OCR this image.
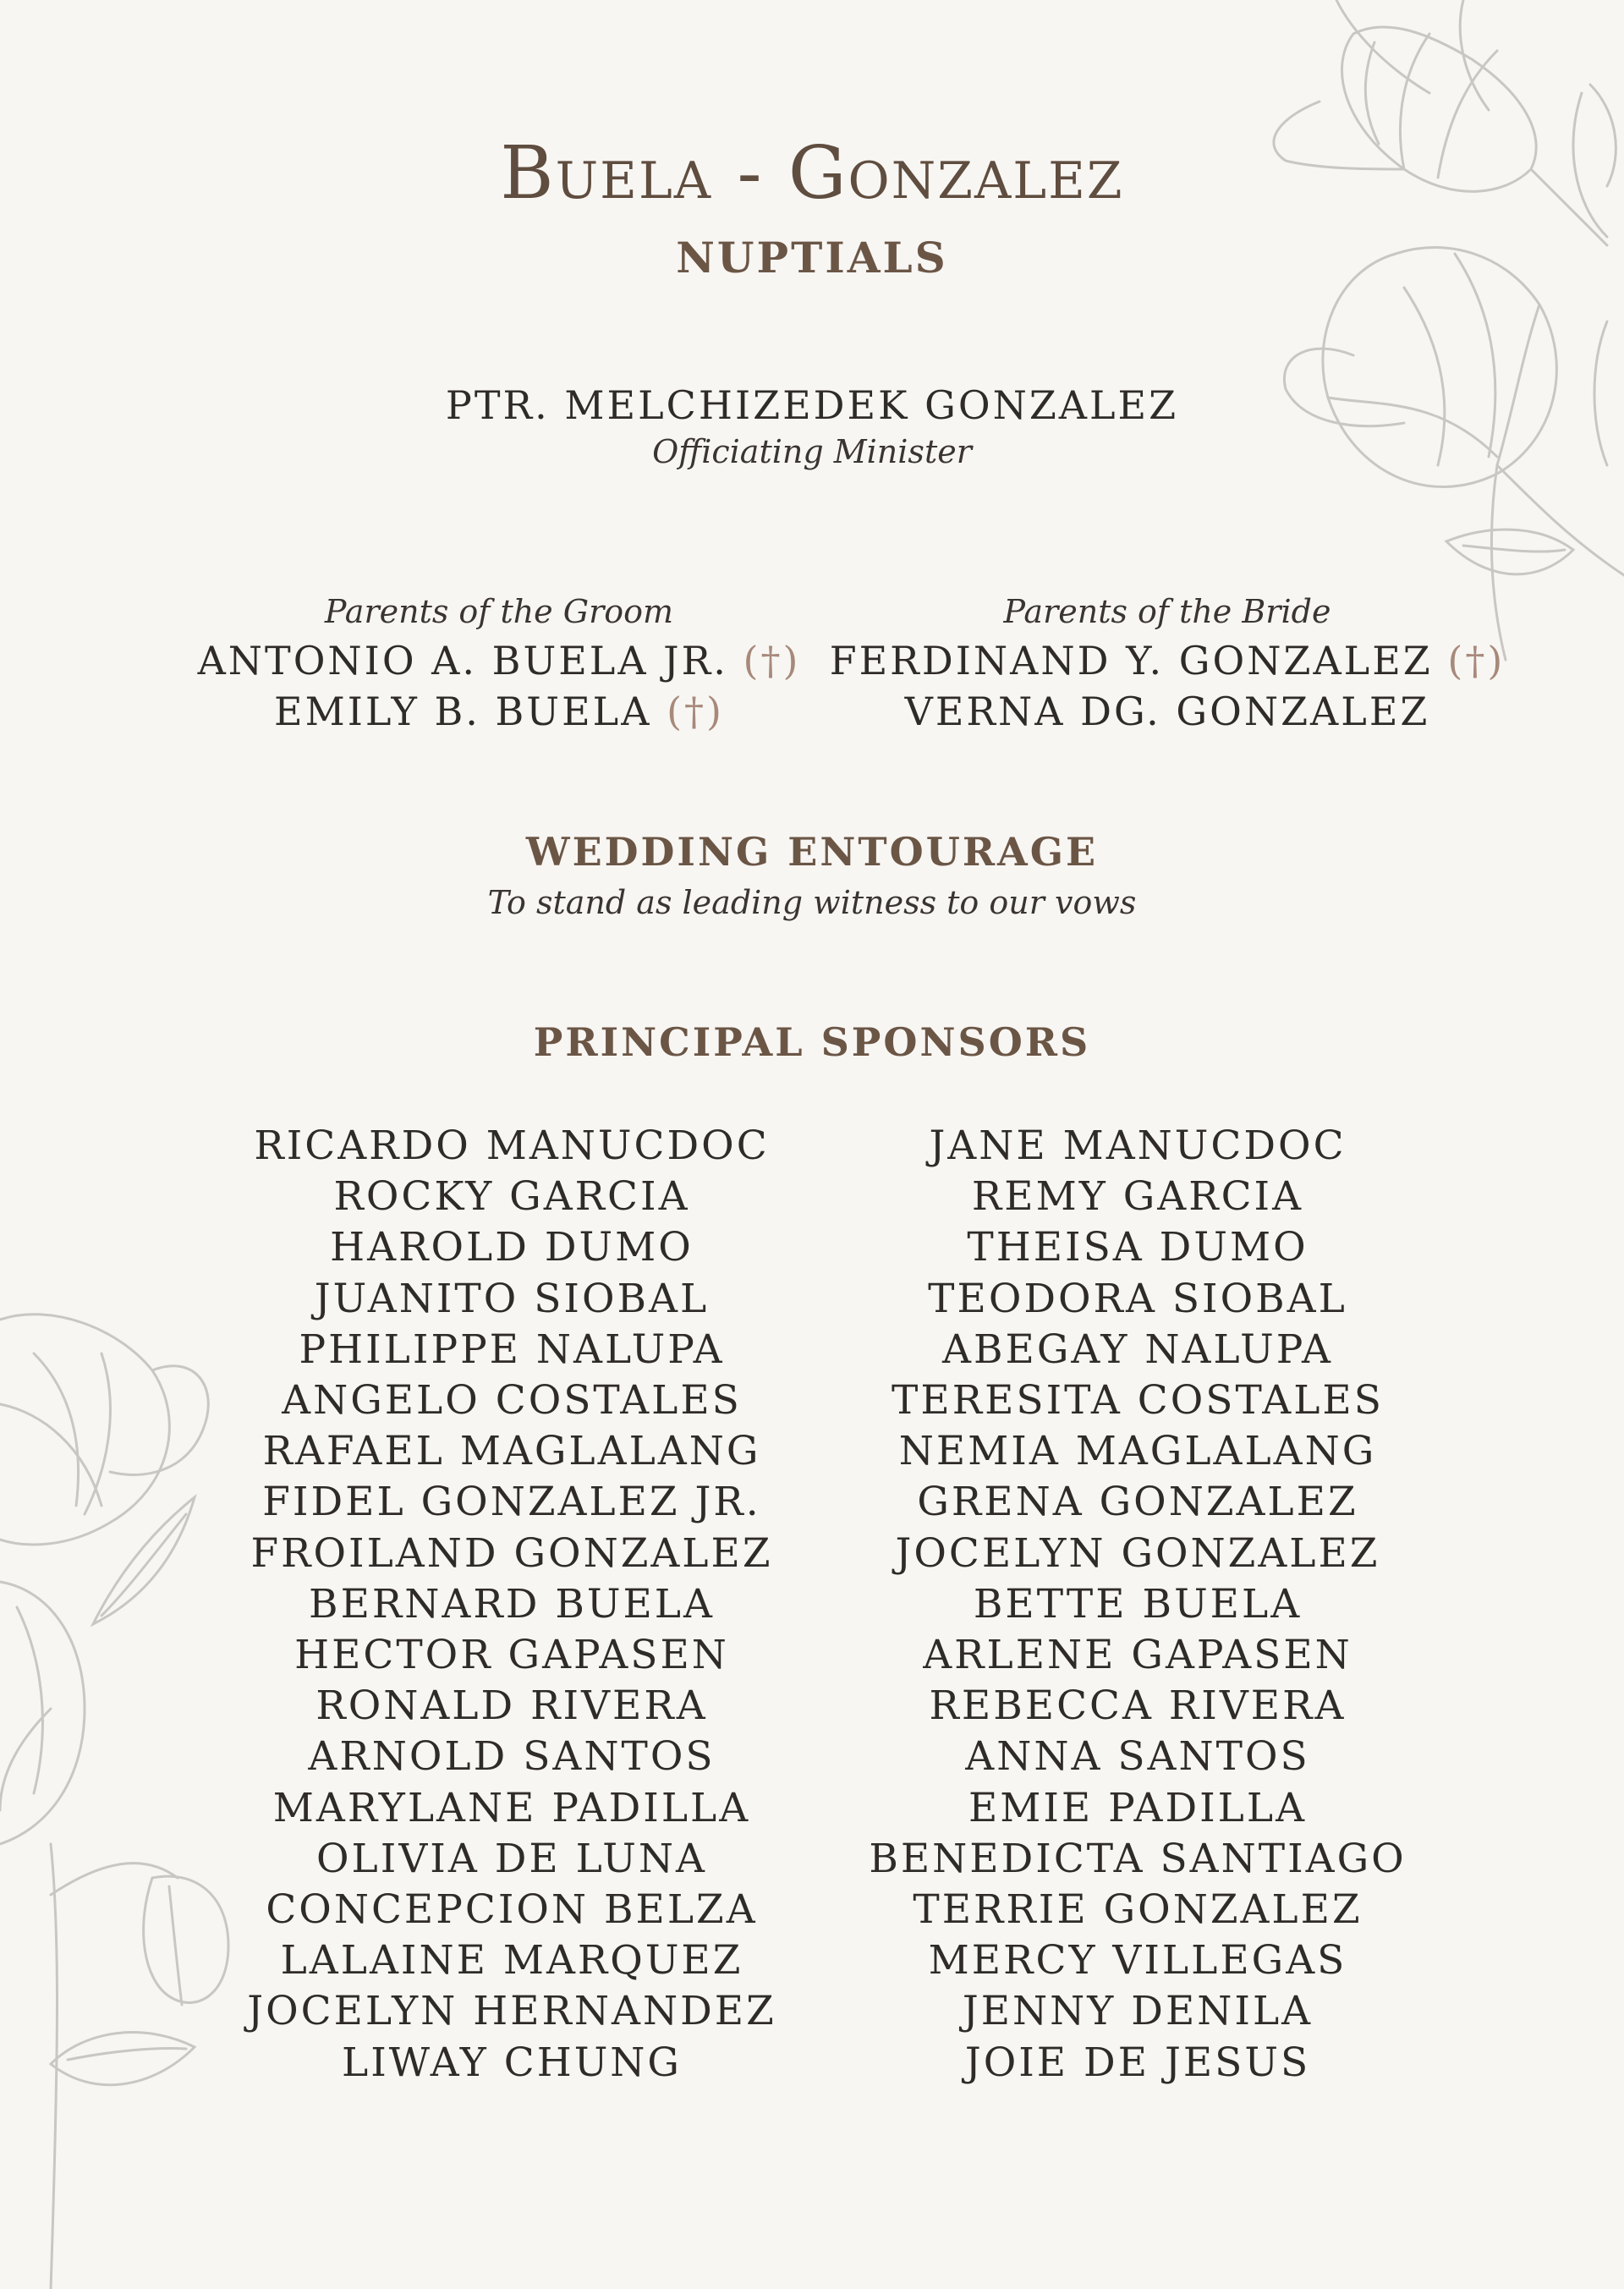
Buela - Gonzalez
NUPTIALS
PTR. MELCHIZEDEK GONZALEZ
Officiating Minister
Parents of the Groom
ANTONIO A. BUELA JR. (†)
EMILY B. BUELA (†)
Parents of the Bride
FERDINAND Y. GONZALEZ (†)
VERNA DG. GONZALEZ
WEDDING ENTOURAGE
To stand as leading witness to our vows
PRINCIPAL SPONSORS
RICARDO MANUCDOC
ROCKY GARCIA
HAROLD DUMO
JUANITO SIOBAL
PHILIPPE NALUPA
ANGELO COSTALES
RAFAEL MAGLALANG
FIDEL GONZALEZ JR.
FROILAND GONZALEZ
BERNARD BUELA
HECTOR GAPASEN
RONALD RIVERA
ARNOLD SANTOS
MARYLANE PADILLA
OLIVIA DE LUNA
CONCEPCION BELZA
LALAINE MARQUEZ
JOCELYN HERNANDEZ
LIWAY CHUNG
JANE MANUCDOC
REMY GARCIA
THEISA DUMO
TEODORA SIOBAL
ABEGAY NALUPA
TERESITA COSTALES
NEMIA MAGLALANG
GRENA GONZALEZ
JOCELYN GONZALEZ
BETTE BUELA
ARLENE GAPASEN
REBECCA RIVERA
ANNA SANTOS
EMIE PADILLA
BENEDICTA SANTIAGO
TERRIE GONZALEZ
MERCY VILLEGAS
JENNY DENILA
JOIE DE JESUS
